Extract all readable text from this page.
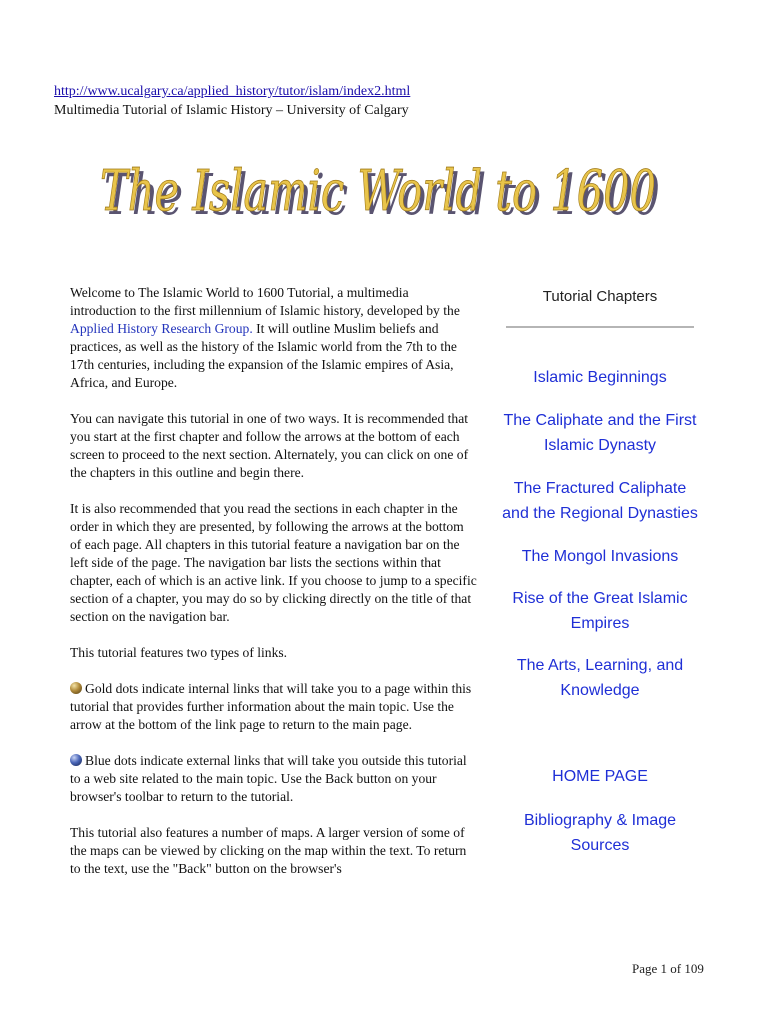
http://www.ucalgary.ca/applied_history/tutor/islam/index2.html
Multimedia Tutorial of Islamic History – University of Calgary
The Islamic World to 1600
The Islamic World to 1600

Welcome to The Islamic World to 1600 Tutorial, a multimedia introduction to the first millennium of Islamic history, developed by the Applied History Research Group. It will outline Muslim beliefs and practices, as well as the history of the Islamic world from the 7th to the 17th centuries, including the expansion of the Islamic empires of Asia, Africa, and Europe.

You can navigate this tutorial in one of two ways. It is recommended that you start at the first chapter and follow the arrows at the bottom of each screen to proceed to the next section. Alternately, you can click on one of the chapters in this outline and begin there.

It is also recommended that you read the sections in each chapter in the order in which they are presented, by following the arrows at the bottom of each page. All chapters in this tutorial feature a navigation bar on the left side of the page. The navigation bar lists the sections within that chapter, each of which is an active link. If you choose to jump to a specific section of a chapter, you may do so by clicking directly on the title of that section on the navigation bar.

This tutorial features two types of links.

Gold dots indicate internal links that will take you to a page within this tutorial that provides further information about the main topic. Use the arrow at the bottom of the link page to return to the main page.

Blue dots indicate external links that will take you outside this tutorial to a web site related to the main topic. Use the Back button on your browser's toolbar to return to the tutorial.

This tutorial also features a number of maps. A larger version of some of the maps can be viewed by clicking on the map within the text. To return to the text, use the "Back" button on the browser's

Tutorial Chapters
Islamic Beginnings
The Caliphate and the First Islamic Dynasty
The Fractured Caliphate and the Regional Dynasties
The Mongol Invasions
Rise of the Great Islamic Empires
The Arts, Learning, and Knowledge
HOME PAGE
Bibliography & Image Sources
Page 1 of 109
